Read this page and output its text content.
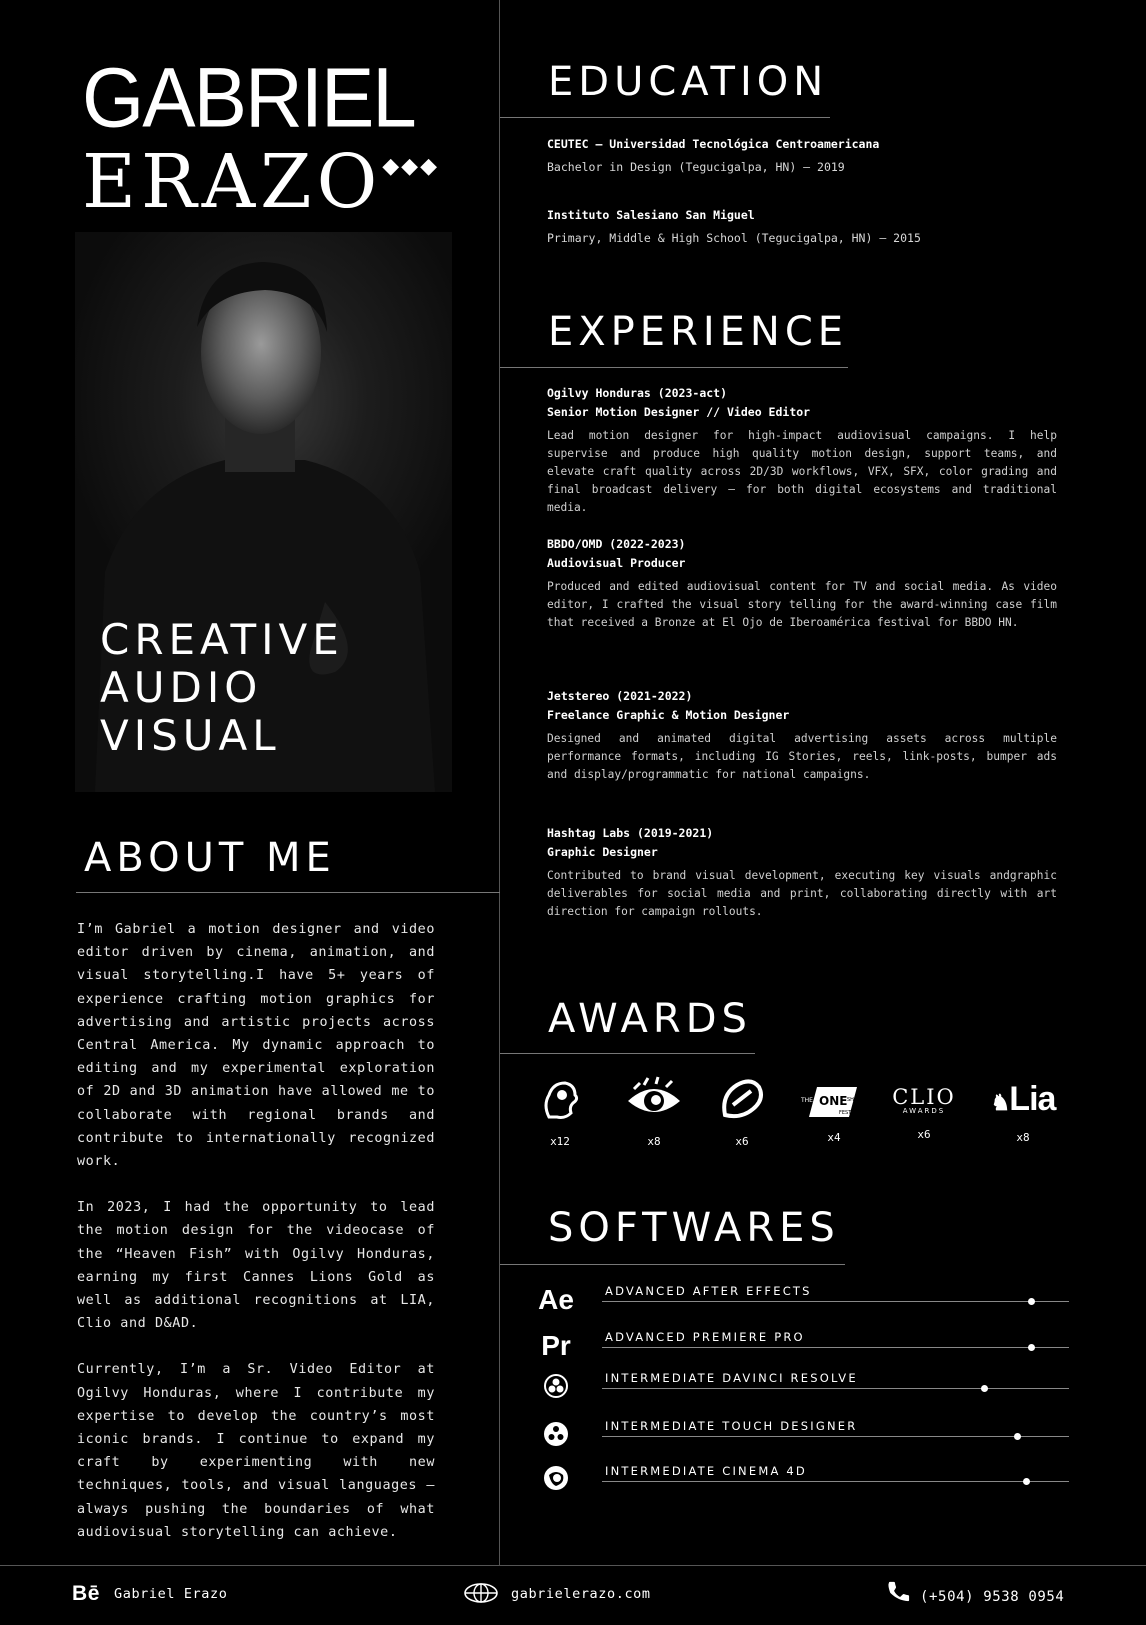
GABRIEL
ERAZO◆◆◆
CREATIVE
AUDIO
VISUAL
ABOUT ME

I’m Gabriel a motion designer and video editor driven by cinema, animation, and visual storytelling.I have 5+ years of experience crafting motion graphics for advertising and artistic projects across Central America. My dynamic approach to editing and my experimental exploration of 2D and 3D animation have allowed me to collaborate with regional brands and contribute to internationally recognized work.

In 2023, I had the opportunity to lead the motion design for the videocase of the “Heaven Fish” with Ogilvy Honduras, earning my first Cannes Lions Gold as well as additional recognitions at LIA, Clio and D&AD.

Currently, I’m a Sr. Video Editor at Ogilvy Honduras, where I contribute my expertise to develop the country’s most iconic brands. I continue to expand my craft by experimenting with new techniques, tools, and visual languages — always pushing the boundaries of what audiovisual storytelling can achieve.

EDUCATION
CEUTEC – Universidad Tecnológica Centroamericana
Bachelor in Design (Tegucigalpa, HN) — 2019
Instituto Salesiano San Miguel
Primary, Middle & High School (Tegucigalpa, HN) — 2015
EXPERIENCE
Ogilvy Honduras (2023-act)
Senior Motion Designer // Video Editor
Lead motion designer for high-impact audiovisual campaigns. I help supervise and produce high quality motion design, support teams, and elevate craft quality across 2D/3D workflows, VFX, SFX, color grading and final broadcast delivery — for both digital ecosystems and traditional media.
BBDO/OMD (2022-2023)
Audiovisual Producer
Produced and edited audiovisual content for TV and social media. As video editor, I crafted the visual story telling for the award-winning case film that received a Bronze at El Ojo de Iberoamérica festival for BBDO HN.
Jetstereo (2021-2022)
Freelance Graphic & Motion Designer
Designed and animated digital advertising assets across multiple performance formats, including IG Stories, reels, link-posts, bumper ads and display/programmatic for national campaigns.
Hashtag Labs (2019-2021)
Graphic Designer
Contributed to brand visual development, executing key visuals andgraphic deliverables for social media and print, collaborating directly with art direction for campaign rollouts.
AWARDS
x12	x8	x6
THE ONE SHOW
FESTIVAL
x4
CLIO
AWARDS
x6
♞Lia
x8
SOFTWARES
Ae	ADVANCED AFTER EFFECTS
Pr	ADVANCED PREMIERE PRO
INTERMEDIATE DAVINCI RESOLVE
INTERMEDIATE TOUCH DESIGNER
INTERMEDIATE CINEMA 4D
Bē Gabriel Erazo	gabrielerazo.com	(+504) 9538 0954
